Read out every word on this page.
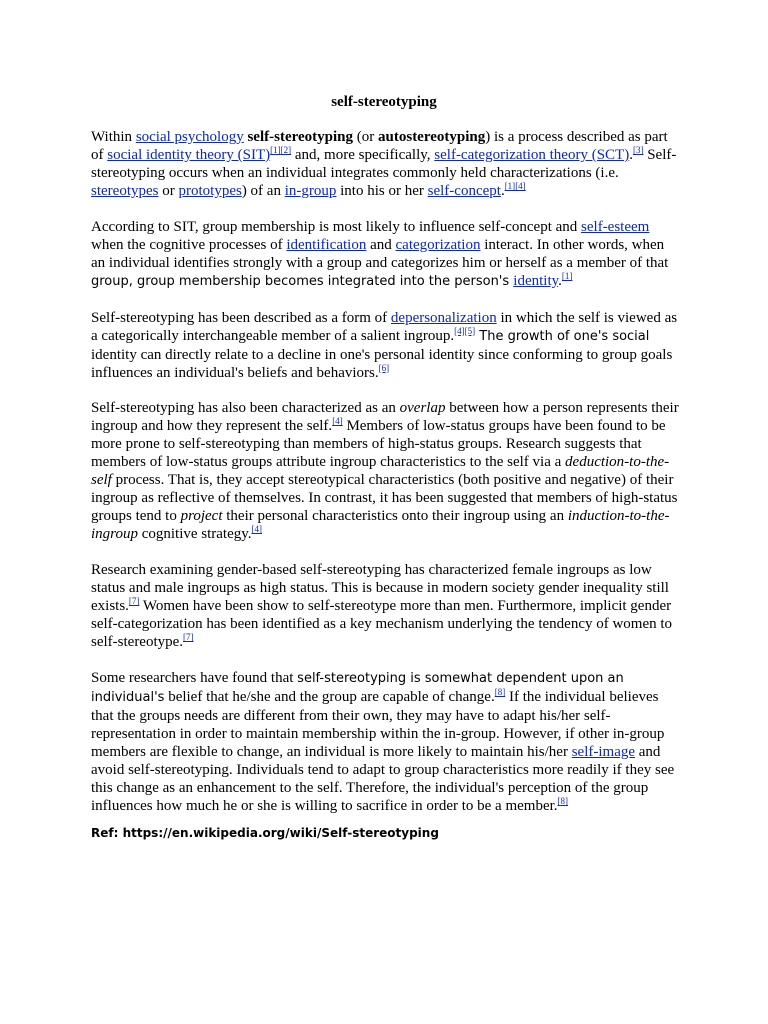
self-stereotyping

Within social psychology self-stereotyping (or autostereotyping) is a process described as part of social identity theory (SIT)[1][2] and, more specifically, self-categorization theory (SCT).[3] Self-stereotyping occurs when an individual integrates commonly held characterizations (i.e. stereotypes or prototypes) of an in-group into his or her self-concept.[1][4]

According to SIT, group membership is most likely to influence self-concept and self-esteem when the cognitive processes of identification and categorization interact. In other words, when an individual identifies strongly with a group and categorizes him or herself as a member of that group, group membership becomes integrated into the person's identity.[1]

Self-stereotyping has been described as a form of depersonalization in which the self is viewed as a categorically interchangeable member of a salient ingroup.[4][5] The growth of one's social identity can directly relate to a decline in one's personal identity since conforming to group goals influences an individual's beliefs and behaviors.[6]

Self-stereotyping has also been characterized as an overlap between how a person represents their ingroup and how they represent the self.[4] Members of low-status groups have been found to be more prone to self-stereotyping than members of high-status groups. Research suggests that members of low-status groups attribute ingroup characteristics to the self via a deduction-to-the-self process. That is, they accept stereotypical characteristics (both positive and negative) of their ingroup as reflective of themselves. In contrast, it has been suggested that members of high-status groups tend to project their personal characteristics onto their ingroup using an induction-to-the-ingroup cognitive strategy.[4]

Research examining gender-based self-stereotyping has characterized female ingroups as low status and male ingroups as high status. This is because in modern society gender inequality still exists.[7] Women have been show to self-stereotype more than men. Furthermore, implicit gender self-categorization has been identified as a key mechanism underlying the tendency of women to self-stereotype.[7]

Some researchers have found that self-stereotyping is somewhat dependent upon an individual's belief that he/she and the group are capable of change.[8] If the individual believes that the groups needs are different from their own, they may have to adapt his/her self-representation in order to maintain membership within the in-group. However, if other in-group members are flexible to change, an individual is more likely to maintain his/her self-image and avoid self-stereotyping. Individuals tend to adapt to group characteristics more readily if they see this change as an enhancement to the self. Therefore, the individual's perception of the group influences how much he or she is willing to sacrifice in order to be a member.[8]

Ref: https://en.wikipedia.org/wiki/Self-stereotyping
